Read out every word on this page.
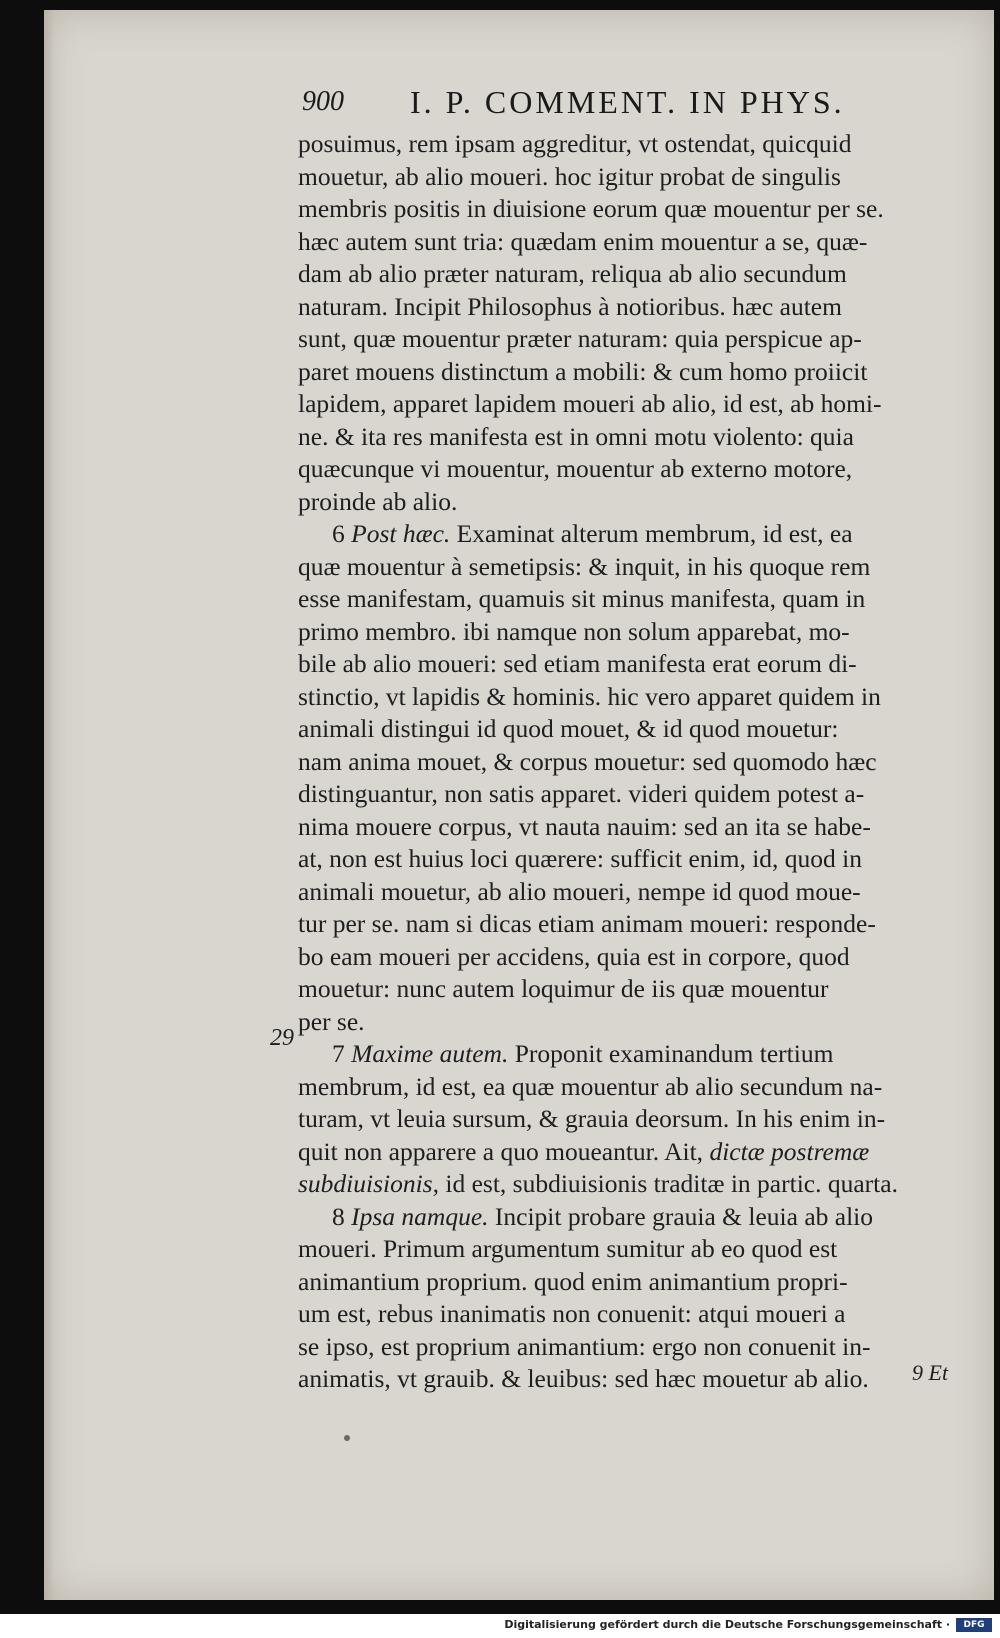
900 I. P. COMMENT. IN PHYS.
posuimus, rem ipsam aggreditur, vt ostendat, quicquid
mouetur, ab alio moueri. hoc igitur probat de singulis
membris positis in diuisione eorum quæ mouentur per se.
hæc autem sunt tria: quædam enim mouentur a se, quæ-
dam ab alio præter naturam, reliqua ab alio secundum
naturam. Incipit Philosophus à notioribus. hæc autem
sunt, quæ mouentur præter naturam: quia perspicue ap-
paret mouens distinctum a mobili: & cum homo proiicit
lapidem, apparet lapidem moueri ab alio, id est, ab homi-
ne. & ita res manifesta est in omni motu violento: quia
quæcunque vi mouentur, mouentur ab externo motore,
proinde ab alio.
6 Post hæc. Examinat alterum membrum, id est, ea
quæ mouentur à semetipsis: & inquit, in his quoque rem
esse manifestam, quamuis sit minus manifesta, quam in
primo membro. ibi namque non solum apparebat, mo-
bile ab alio moueri: sed etiam manifesta erat eorum di-
stinctio, vt lapidis & hominis. hic vero apparet quidem in
animali distingui id quod mouet, & id quod mouetur:
nam anima mouet, & corpus mouetur: sed quomodo hæc
distinguantur, non satis apparet. videri quidem potest a-
nima mouere corpus, vt nauta nauim: sed an ita se habe-
at, non est huius loci quærere: sufficit enim, id, quod in
animali mouetur, ab alio moueri, nempe id quod moue-
tur per se. nam si dicas etiam animam moueri: responde-
bo eam moueri per accidens, quia est in corpore, quod
mouetur: nunc autem loquimur de iis quæ mouentur
per se.
7 Maxime autem. Proponit examinandum tertium
membrum, id est, ea quæ mouentur ab alio secundum na-
turam, vt leuia sursum, & grauia deorsum. In his enim in-
quit non apparere a quo moueantur. Ait, dictæ postremæ
subdiuisionis, id est, subdiuisionis traditæ in partic. quarta.
8 Ipsa namque. Incipit probare grauia & leuia ab alio
moueri. Primum argumentum sumitur ab eo quod est
animantium proprium. quod enim animantium propri-
um est, rebus inanimatis non conuenit: atqui moueri a
se ipso, est proprium animantium: ergo non conuenit in-
animatis, vt grauib. & leuibus: sed hæc mouetur ab alio.
29
9 Et
Digitalisierung gefördert durch die Deutsche Forschungsgemeinschaft ·	DFG
